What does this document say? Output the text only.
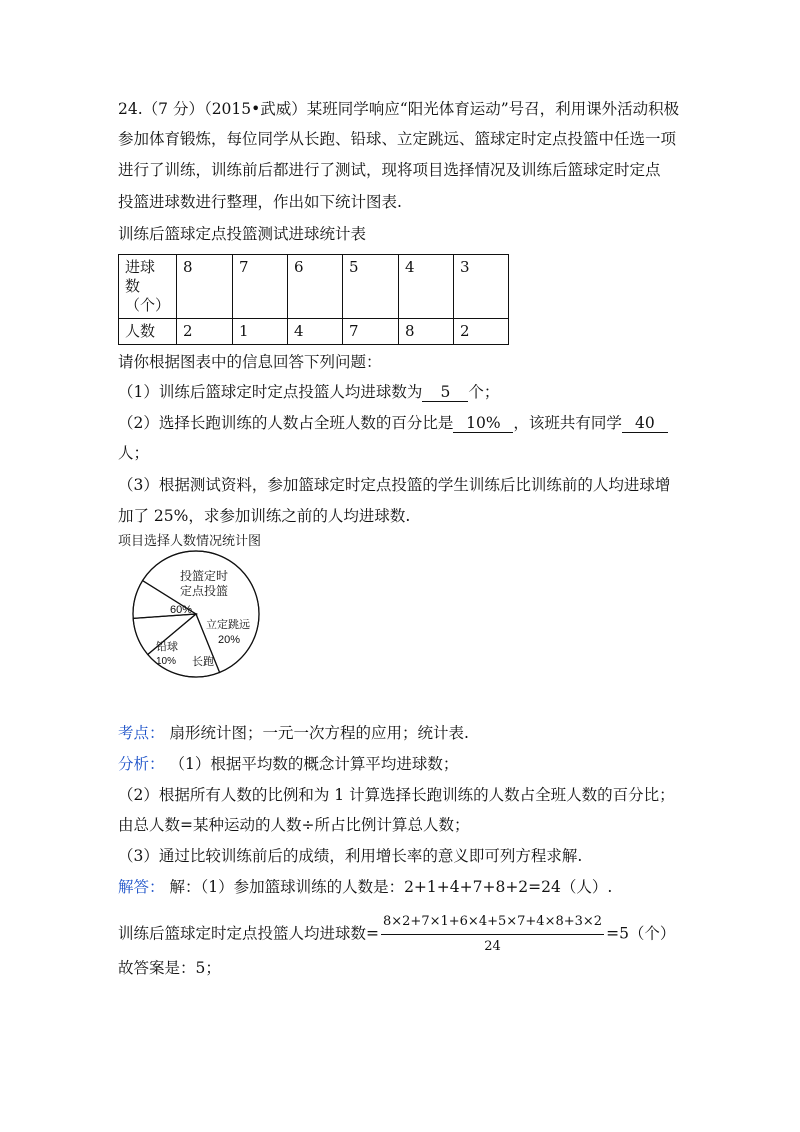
24.（7 分）（2015•武威）某班同学响应“阳光体育运动”号召，利用课外活动积极
参加体育锻炼，每位同学从长跑、铅球、立定跳远、篮球定时定点投篮中任选一项
进行了训练，训练前后都进行了测试，现将项目选择情况及训练后篮球定时定点
投篮进球数进行整理，作出如下统计图表.
训练后篮球定点投篮测试进球统计表
进球
数
（个）	8	7	6	5	4	3
人数	2	1	4	7	8	2
请你根据图表中的信息回答下列问题：
（1）训练后篮球定时定点投篮人均进球数为 5 个；
（2）选择长跑训练的人数占全班人数的百分比是 10% ，该班共有同学 40
人；
（3）根据测试资料，参加篮球定时定点投篮的学生训练后比训练前的人均进球增
加了 25%，求参加训练之前的人均进球数.
项目选择人数情况统计图
投篮定时
定点投篮
60%
立定跳远
20%
长跑
铅球
10%
考点： 扇形统计图；一元一次方程的应用；统计表.
分析： （1）根据平均数的概念计算平均进球数；
（2）根据所有人数的比例和为 1 计算选择长跑训练的人数占全班人数的百分比；
由总人数=某种运动的人数÷所占比例计算总人数；
（3）通过比较训练前后的成绩，利用增长率的意义即可列方程求解.
解答： 解：（1）参加篮球训练的人数是：2+1+4+7+8+2=24（人）.
训练后篮球定时定点投篮人均进球数= $\frac{8\times 2+7\times 1+6\times 4+5\times 7+4\times 8+3\times 2}{24} =5$（个）
故答案是：5；
